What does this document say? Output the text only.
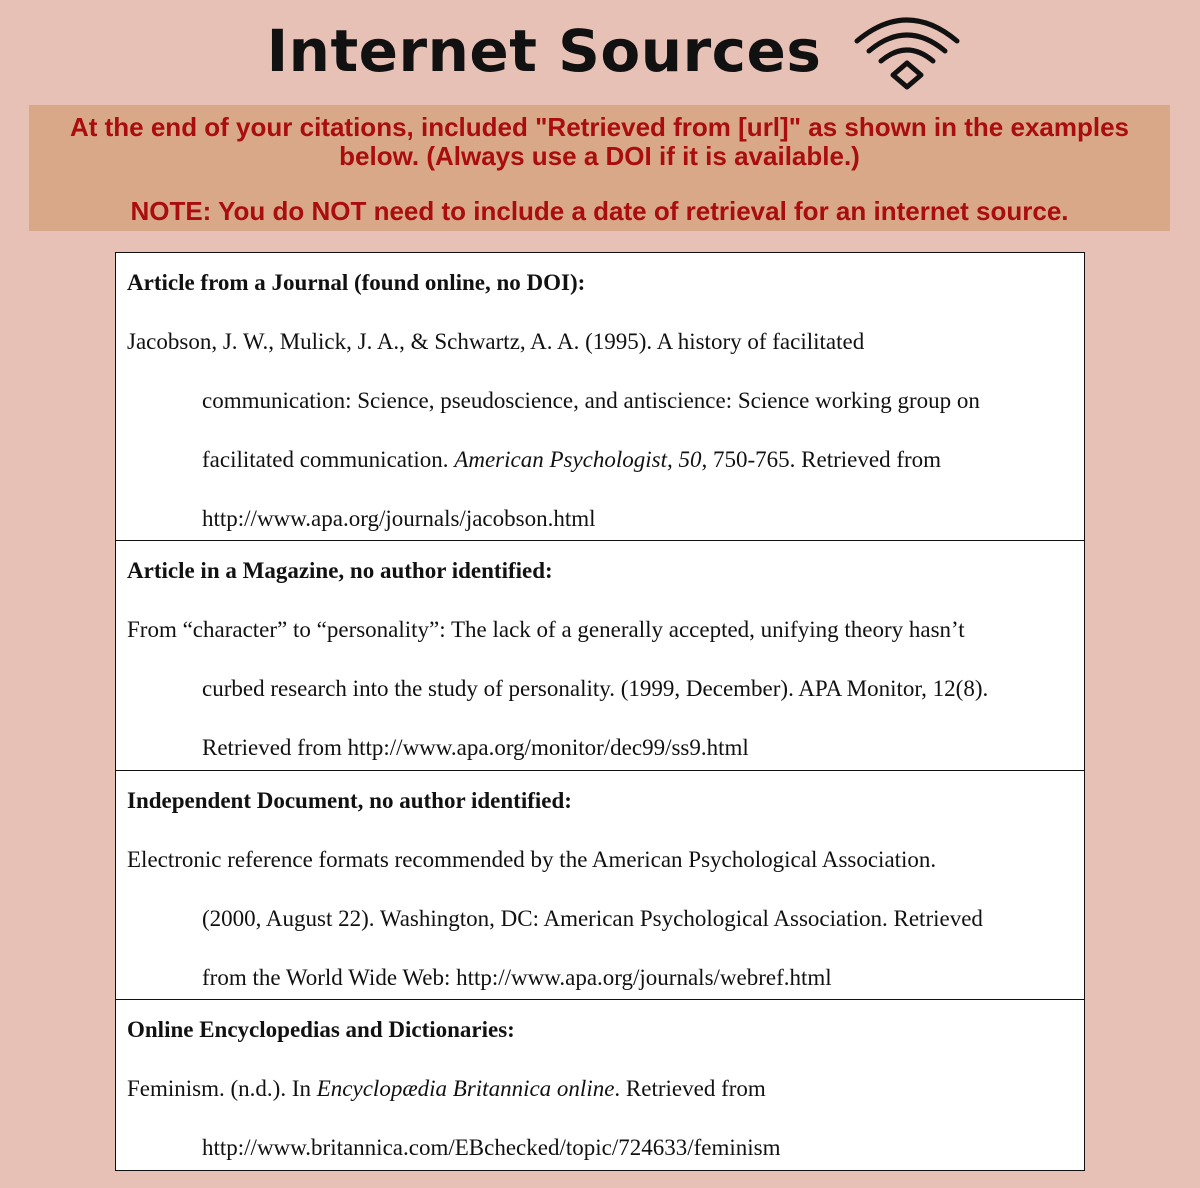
Internet Sources
At the end of your citations, included "Retrieved from [url]" as shown in the examples below. (Always use a DOI if it is available.)
NOTE: You do NOT need to include a date of retrieval for an internet source.
Article from a Journal (found online, no DOI):
Jacobson, J. W., Mulick, J. A., & Schwartz, A. A. (1995). A history of facilitated
communication: Science, pseudoscience, and antiscience: Science working group on
facilitated communication. American Psychologist, 50, 750-765. Retrieved from
http://www.apa.org/journals/jacobson.html
Article in a Magazine, no author identified:
From “character” to “personality”: The lack of a generally accepted, unifying theory hasn’t
curbed research into the study of personality. (1999, December). APA Monitor, 12(8).
Retrieved from http://www.apa.org/monitor/dec99/ss9.html
Independent Document, no author identified:
Electronic reference formats recommended by the American Psychological Association.
(2000, August 22). Washington, DC: American Psychological Association. Retrieved
from the World Wide Web: http://www.apa.org/journals/webref.html
Online Encyclopedias and Dictionaries:
Feminism. (n.d.). In Encyclopædia Britannica online. Retrieved from
http://www.britannica.com/EBchecked/topic/724633/feminism
